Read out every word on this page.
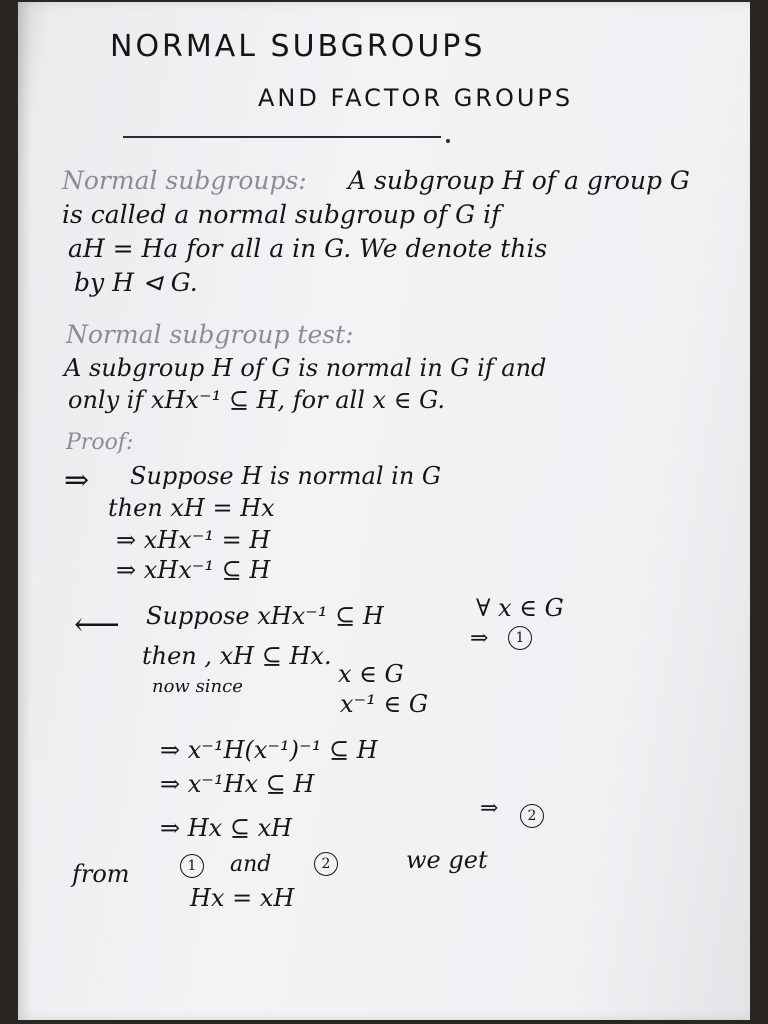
NORMAL SUBGROUPS
AND FACTOR GROUPS
Normal subgroups: A subgroup H of a group G
is called a normal subgroup of G if
aH = Ha for all a in G. We denote this
by H ⊲ G.
Normal subgroup test:
A subgroup H of G is normal in G if and
only if xHx⁻¹ ⊆ H, for all x ∈ G.
Proof:
⇒ Suppose H is normal in G
then xH = Hx
⇒ xHx⁻¹ = H
⇒ xHx⁻¹ ⊆ H
⟵ Suppose xHx⁻¹ ⊆ H	∀ x ∈ G
then , xH ⊆ Hx.
⇒	1
now since	x ∈ G
x⁻¹ ∈ G
⇒ x⁻¹H(x⁻¹)⁻¹ ⊆ H
⇒ x⁻¹Hx ⊆ H
⇒ Hx ⊆ xH
⇒	2
from	1	and	2	we get
Hx = xH
